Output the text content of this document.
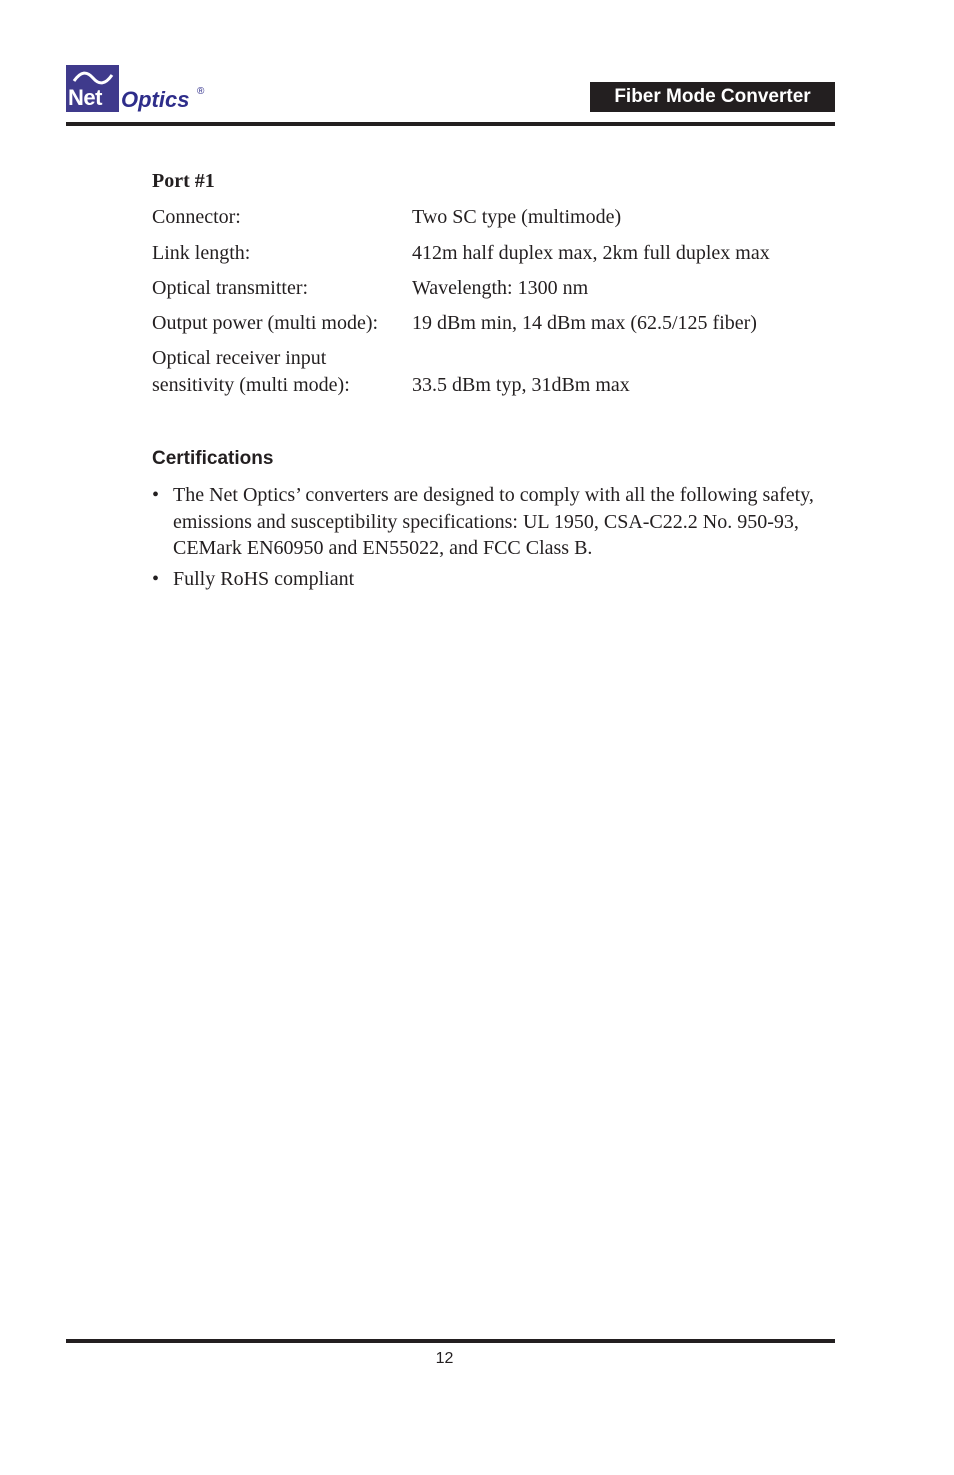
Net Optics ®	Fiber Mode Converter
Port #1
Connector:	Two SC type (multimode)
Link length:	412m half duplex max, 2km full duplex max
Optical transmitter:	Wavelength: 1300 nm
Output power (multi mode):	19 dBm min, 14 dBm max (62.5/125 fiber)
Optical receiver input
sensitivity (multi mode):	33.5 dBm typ, 31dBm max
Certifications
• The Net Optics’ converters are designed to comply with all the following safety, emissions and susceptibility specifications: UL 1950, CSA-C22.2 No. 950-93, CEMark EN60950 and EN55022, and FCC Class B.
• Fully RoHS compliant
12
